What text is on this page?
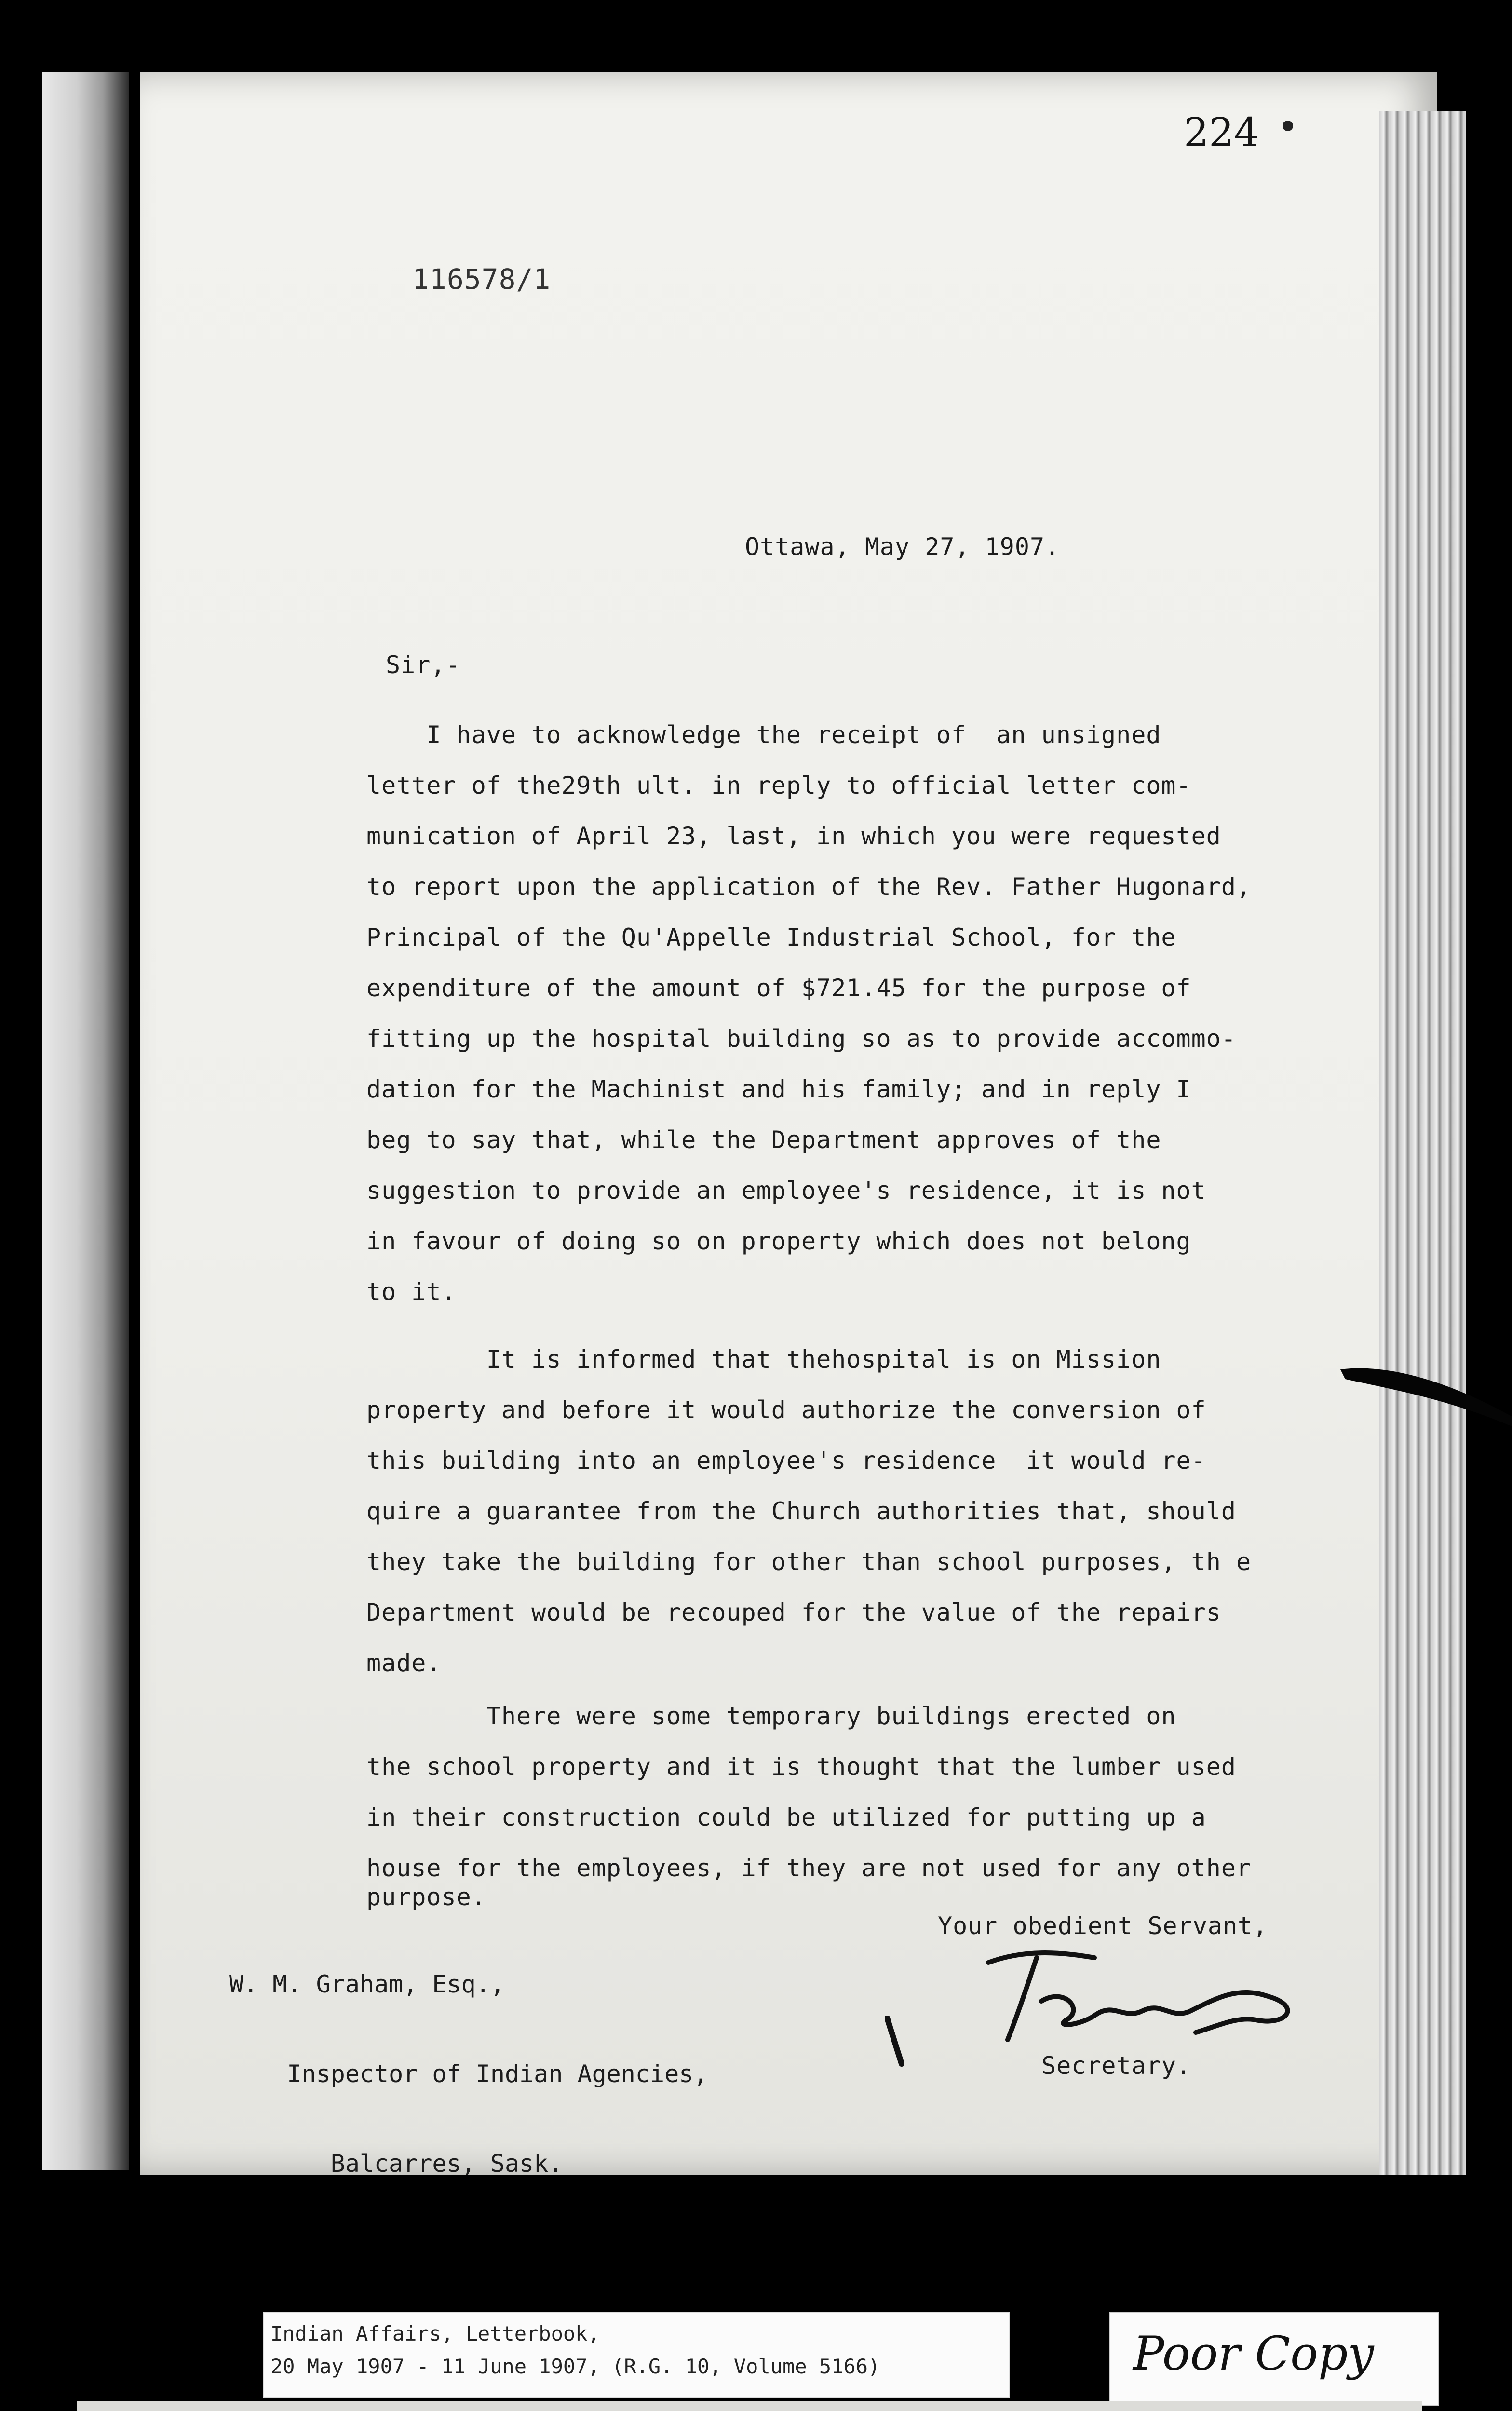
224
116578/1
Ottawa, May 27, 1907.
Sir,-
I have to acknowledge the receipt of  an unsigned
letter of the29th ult. in reply to official letter com-
munication of April 23, last, in which you were requested
to report upon the application of the Rev. Father Hugonard,
Principal of the Qu'Appelle Industrial School, for the
expenditure of the amount of $721.45 for the purpose of
fitting up the hospital building so as to provide accommo-
dation for the Machinist and his family; and in reply I
beg to say that, while the Department approves of the
suggestion to provide an employee's residence, it is not
in favour of doing so on property which does not belong
to it.
It is informed that thehospital is on Mission
property and before it would authorize the conversion of
this building into an employee's residence  it would re-
quire a guarantee from the Church authorities that, should
they take the building for other than school purposes, th e
Department would be recouped for the value of the repairs
made.
There were some temporary buildings erected on
the school property and it is thought that the lumber used
in their construction could be utilized for putting up a
house for the employees, if they are not used for any other
purpose.

W. M. Graham, Esq.,

Inspector of Indian Agencies,

Balcarres, Sask.

Your obedient Servant,
Secretary.
Indian Affairs, Letterbook,
20 May 1907 - 11 June 1907, (R.G. 10, Volume 5166)	Poor Copy
